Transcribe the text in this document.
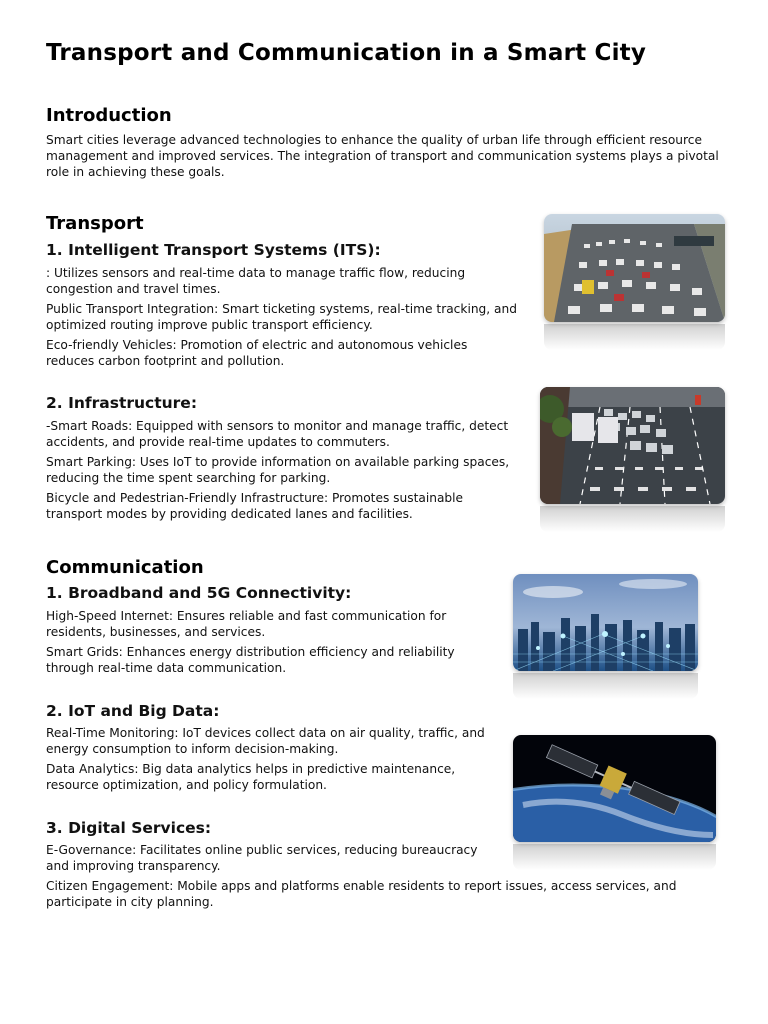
Transport and Communication in a Smart City
Introduction

Smart cities leverage advanced technologies to enhance the quality of urban life through efficient resource management and improved services. The integration of transport and communication systems plays a pivotal role in achieving these goals.

Transport
1. Intelligent Transport Systems (ITS):

: Utilizes sensors and real-time data to manage traffic flow, reducing congestion and travel times.

Public Transport Integration: Smart ticketing systems, real-time tracking, and optimized routing improve public transport efficiency.

Eco-friendly Vehicles: Promotion of electric and autonomous vehicles reduces carbon footprint and pollution.

2. Infrastructure:

-Smart Roads: Equipped with sensors to monitor and manage traffic, detect accidents, and provide real-time updates to commuters.

Smart Parking: Uses IoT to provide information on available parking spaces, reducing the time spent searching for parking.

Bicycle and Pedestrian-Friendly Infrastructure: Promotes sustainable transport modes by providing dedicated lanes and facilities.

Communication
1. Broadband and 5G Connectivity:

High-Speed Internet: Ensures reliable and fast communication for residents, businesses, and services.

Smart Grids: Enhances energy distribution efficiency and reliability through real-time data communication.

2. IoT and Big Data:

Real-Time Monitoring: IoT devices collect data on air quality, traffic, and energy consumption to inform decision-making.

Data Analytics: Big data analytics helps in predictive maintenance, resource optimization, and policy formulation.

3. Digital Services:

E-Governance: Facilitates online public services, reducing bureaucracy and improving transparency.

Citizen Engagement: Mobile apps and platforms enable residents to report issues, access services, and participate in city planning.
